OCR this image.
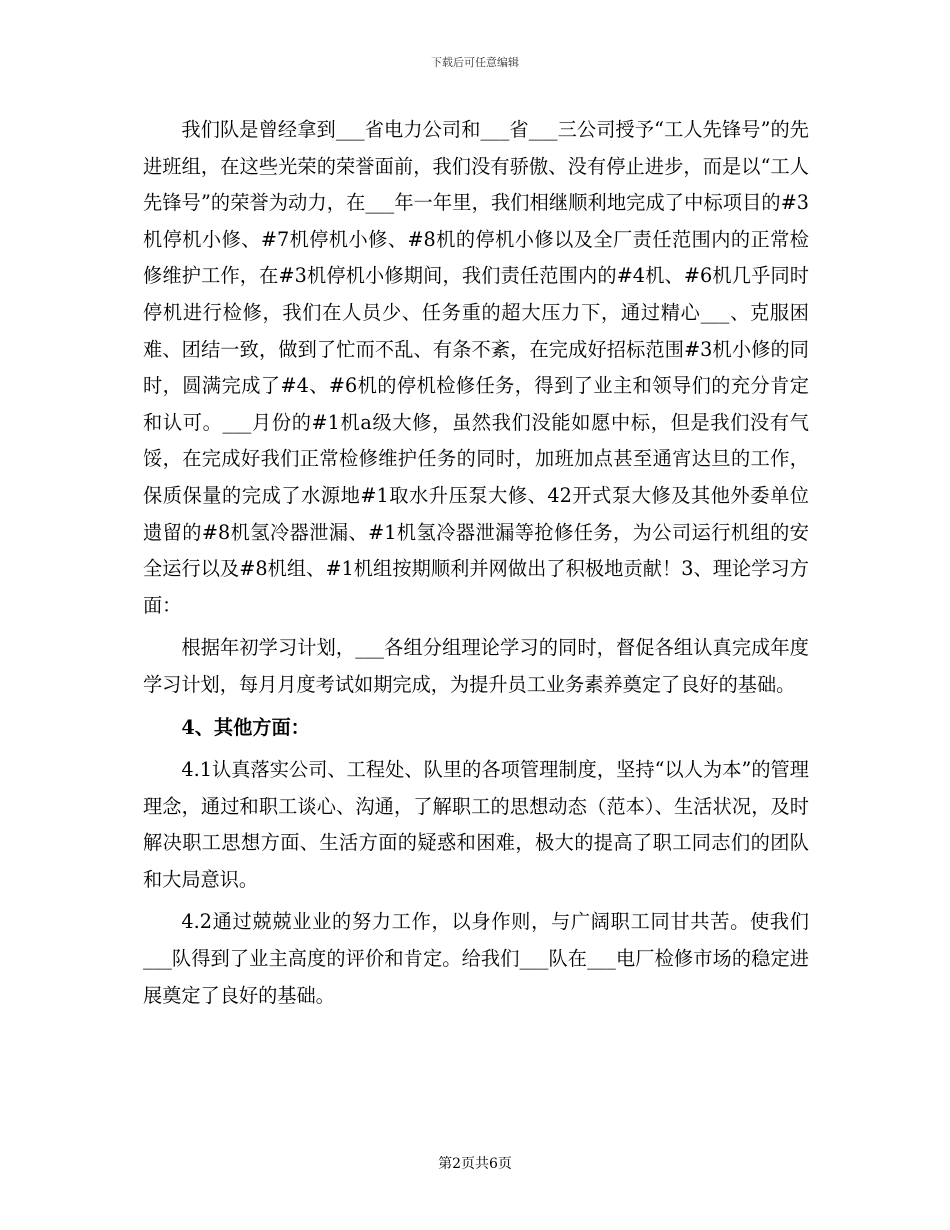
下载后可任意编辑

我们队是曾经拿到___省电力公司和___省___三公司授予“工人先锋号”的先进班组，在这些光荣的荣誉面前，我们没有骄傲、没有停止进步，而是以“工人先锋号”的荣誉为动力，在___年一年里，我们相继顺利地完成了中标项目的#3机停机小修、#7机停机小修、#8机的停机小修以及全厂责任范围内的正常检修维护工作，在#3机停机小修期间，我们责任范围内的#4机、#6机几乎同时停机进行检修，我们在人员少、任务重的超大压力下，通过精心___、克服困难、团结一致，做到了忙而不乱、有条不紊，在完成好招标范围#3机小修的同时，圆满完成了#4、#6机的停机检修任务，得到了业主和领导们的充分肯定和认可。___月份的#1机a级大修，虽然我们没能如愿中标，但是我们没有气馁，在完成好我们正常检修维护任务的同时，加班加点甚至通宵达旦的工作，保质保量的完成了水源地#1取水升压泵大修、42开式泵大修及其他外委单位遗留的#8机氢冷器泄漏、#1机氢冷器泄漏等抢修任务，为公司运行机组的安全运行以及#8机组、#1机组按期顺利并网做出了积极地贡献！3、理论学习方面：

根据年初学习计划，___各组分组理论学习的同时，督促各组认真完成年度学习计划，每月月度考试如期完成，为提升员工业务素养奠定了良好的基础。

4、其他方面：

4.1认真落实公司、工程处、队里的各项管理制度，坚持“以人为本”的管理理念，通过和职工谈心、沟通，了解职工的思想动态（范本）、生活状况，及时解决职工思想方面、生活方面的疑惑和困难，极大的提高了职工同志们的团队和大局意识。

4.2通过兢兢业业的努力工作，以身作则，与广阔职工同甘共苦。使我们___队得到了业主高度的评价和肯定。给我们___队在___电厂检修市场的稳定进展奠定了良好的基础。

第2页共6页
